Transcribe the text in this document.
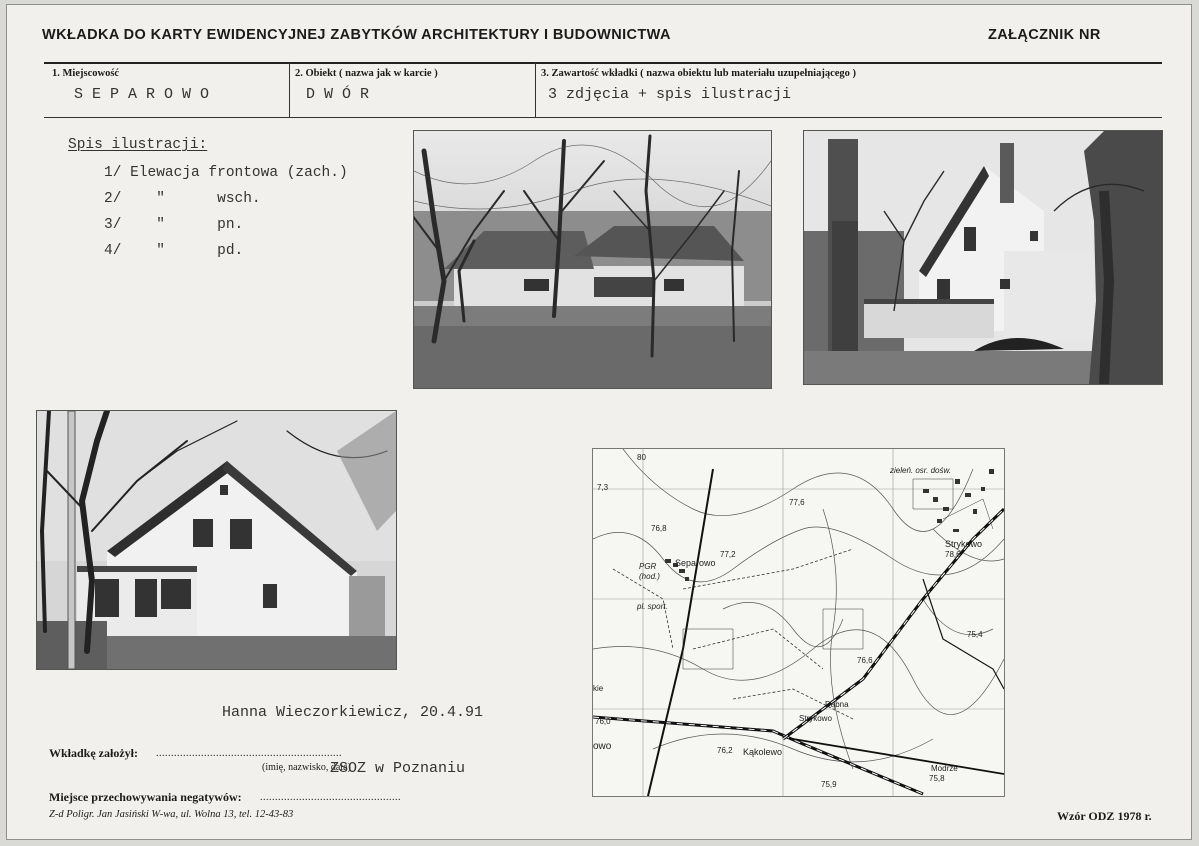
WKŁADKA DO KARTY EWIDENCYJNEJ ZABYTKÓW ARCHITEKTURY I BUDOWNICTWA	ZAŁĄCZNIK NR
1. Miejscowość
S E P A R O W O
2. Obiekt ( nazwa jak w karcie )
D W Ó R
3. Zawartość wkładki ( nazwa obiektu lub materiału uzupełniającego )
3 zdjęcia + spis ilustracji
Spis ilustracji:
1/ Elewacja frontowa (zach.)
2/    "      wsch.
3/    "      pn.
4/    "      pd.
80
7,3
76,8
77,6
77,2	78,6
75,4
76,0
76,2
75,8
75,9
76,6
zieleń. osr. dośw.
Strykowo
Separowo
PGR
(hod.)
pl. sport.
Strykowo
Dąbna
Kąkolewo
Modrze
owo
kie
Hanna Wieczorkiewicz, 20.4.91
Wkładkę założył: ..............................................................
(imię, nazwisko, data)
ZSOZ w Poznaniu
Miejsce przechowywania negatywów: ...............................................
Z-d Poligr. Jan Jasiński W-wa, ul. Wolna 13, tel. 12-43-83	Wzór ODZ 1978 r.
